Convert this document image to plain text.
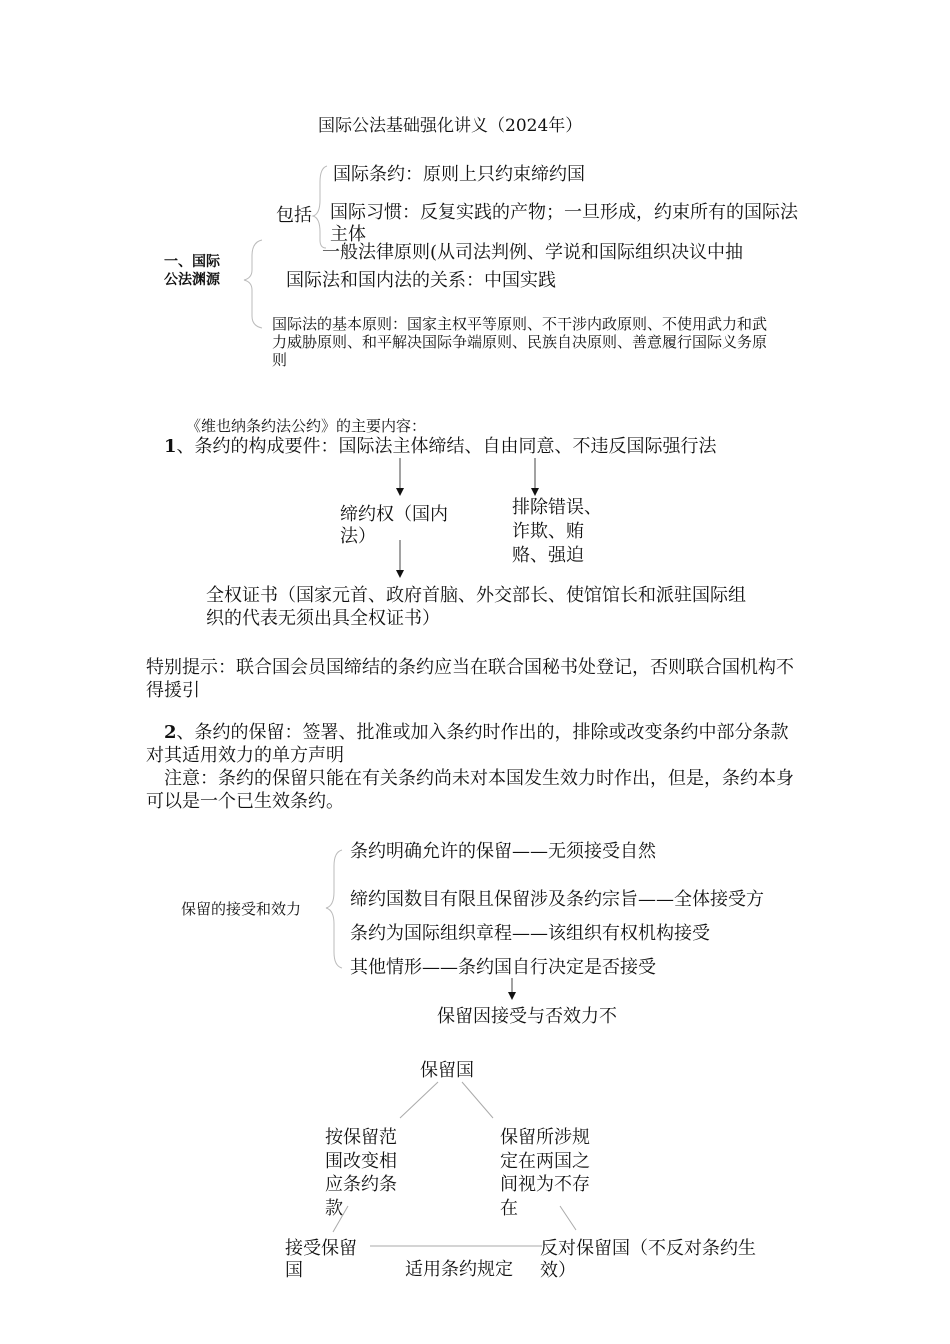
国际公法基础强化讲义（2024年）
一、国际
公法渊源
包括
国际条约：原则上只约束缔约国
国际习惯：反复实践的产物；一旦形成，约束所有的国际法主体
一般法律原则(从司法判例、学说和国际组织决议中抽
国际法和国内法的关系：中国实践
国际法的基本原则：国家主权平等原则、不干涉内政原则、不使用武力和武力威胁原则、和平解决国际争端原则、民族自决原则、善意履行国际义务原则
《维也纳条约法公约》的主要内容：
1、条约的构成要件：国际法主体缔结、自由同意、不违反国际强行法
缔约权（国内法）
排除错误、诈欺、贿赂、强迫
全权证书（国家元首、政府首脑、外交部长、使馆馆长和派驻国际组织的代表无须出具全权证书）
特别提示：联合国会员国缔结的条约应当在联合国秘书处登记，否则联合国机构不得援引
2、条约的保留：签署、批准或加入条约时作出的，排除或改变条约中部分条款对其适用效力的单方声明
注意：条约的保留只能在有关条约尚未对本国发生效力时作出，但是，条约本身可以是一个已生效条约。
保留的接受和效力
条约明确允许的保留——无须接受自然
缔约国数目有限且保留涉及条约宗旨——全体接受方
条约为国际组织章程——该组织有权机构接受
其他情形——条约国自行决定是否接受
保留因接受与否效力不
保留国
按保留范围改变相应条约条款
保留所涉规定在两国之间视为不存在
接受保留国
反对保留国（不反对条约生效）
适用条约规定
